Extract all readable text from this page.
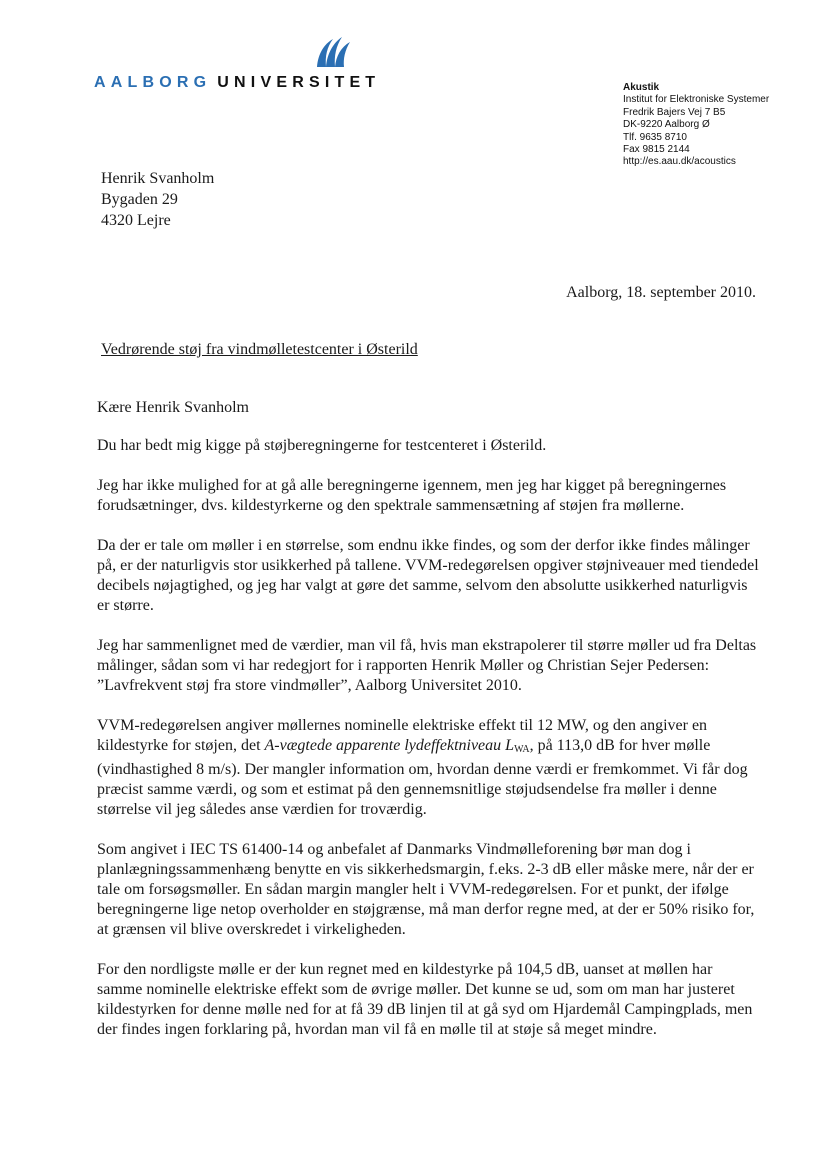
AALBORG UNIVERSITET	Akustik
Institut for Elektroniske Systemer
Fredrik Bajers Vej 7 B5
DK-9220 Aalborg Ø
Tlf. 9635 8710
Fax 9815 2144
http://es.aau.dk/acoustics
Henrik Svanholm
Bygaden 29
4320 Lejre
Aalborg, 18. september 2010.
Vedrørende støj fra vindmølletestcenter i Østerild

Kære Henrik Svanholm

Du har bedt mig kigge på støjberegningerne for testcenteret i Østerild.

Jeg har ikke mulighed for at gå alle beregningerne igennem, men jeg har kigget på beregningernes forudsætninger, dvs. kildestyrkerne og den spektrale sammensætning af støjen fra møllerne.

Da der er tale om møller i en størrelse, som endnu ikke findes, og som der derfor ikke findes målinger på, er der naturligvis stor usikkerhed på tallene. VVM-redegørelsen opgiver støjniveauer med tiendedel decibels nøjagtighed, og jeg har valgt at gøre det samme, selvom den absolutte usikkerhed naturligvis er større.

Jeg har sammenlignet med de værdier, man vil få, hvis man ekstrapolerer til større møller ud fra Deltas målinger, sådan som vi har redegjort for i rapporten Henrik Møller og Christian Sejer Pedersen: ”Lavfrekvent støj fra store vindmøller”, Aalborg Universitet 2010.

VVM-redegørelsen angiver møllernes nominelle elektriske effekt til 12 MW, og den angiver en kildestyrke for støjen, det A-vægtede apparente lydeffektniveau $L_{WA}$, på 113,0 dB for hver mølle (vindhastighed 8 m/s). Der mangler information om, hvordan denne værdi er fremkommet. Vi får dog præcist samme værdi, og som et estimat på den gennemsnitlige støjudsendelse fra møller i denne størrelse vil jeg således anse værdien for troværdig.

Som angivet i IEC TS 61400-14 og anbefalet af Danmarks Vindmølleforening bør man dog i planlægningssammenhæng benytte en vis sikkerhedsmargin, f.eks. 2-3 dB eller måske mere, når der er tale om forsøgsmøller. En sådan margin mangler helt i VVM-redegørelsen. For et punkt, der ifølge beregningerne lige netop overholder en støjgrænse, må man derfor regne med, at der er 50% risiko for, at grænsen vil blive overskredet i virkeligheden.

For den nordligste mølle er der kun regnet med en kildestyrke på 104,5 dB, uanset at møllen har samme nominelle elektriske effekt som de øvrige møller. Det kunne se ud, som om man har justeret kildestyrken for denne mølle ned for at få 39 dB linjen til at gå syd om Hjardemål Campingplads, men der findes ingen forklaring på, hvordan man vil få en mølle til at støje så meget mindre.
